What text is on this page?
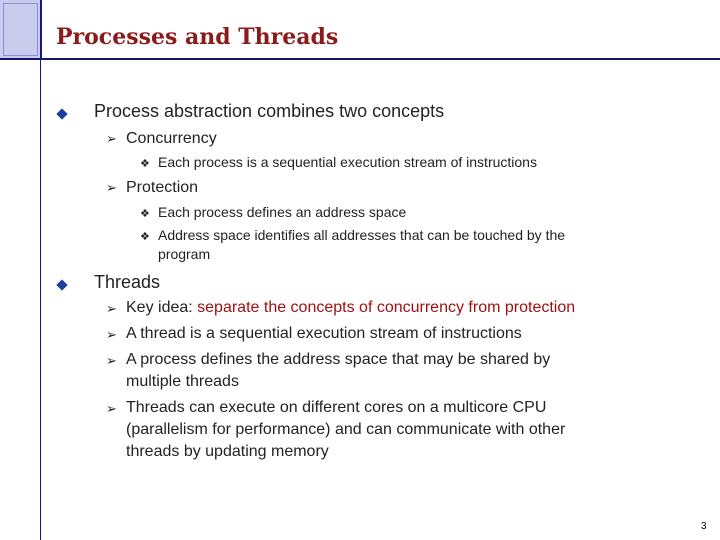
Processes and Threads
Process abstraction combines two concepts
➢ Concurrency
❖ Each process is a sequential execution stream of instructions
➢ Protection
❖ Each process defines an address space
❖ Address space identifies all addresses that can be touched by the
program
Threads
➢ Key idea: separate the concepts of concurrency from protection
➢ A thread is a sequential execution stream of instructions
➢ A process defines the address space that may be shared by
multiple threads
➢ Threads can execute on different cores on a multicore CPU
(parallelism for performance) and can communicate with other
threads by updating memory
3
